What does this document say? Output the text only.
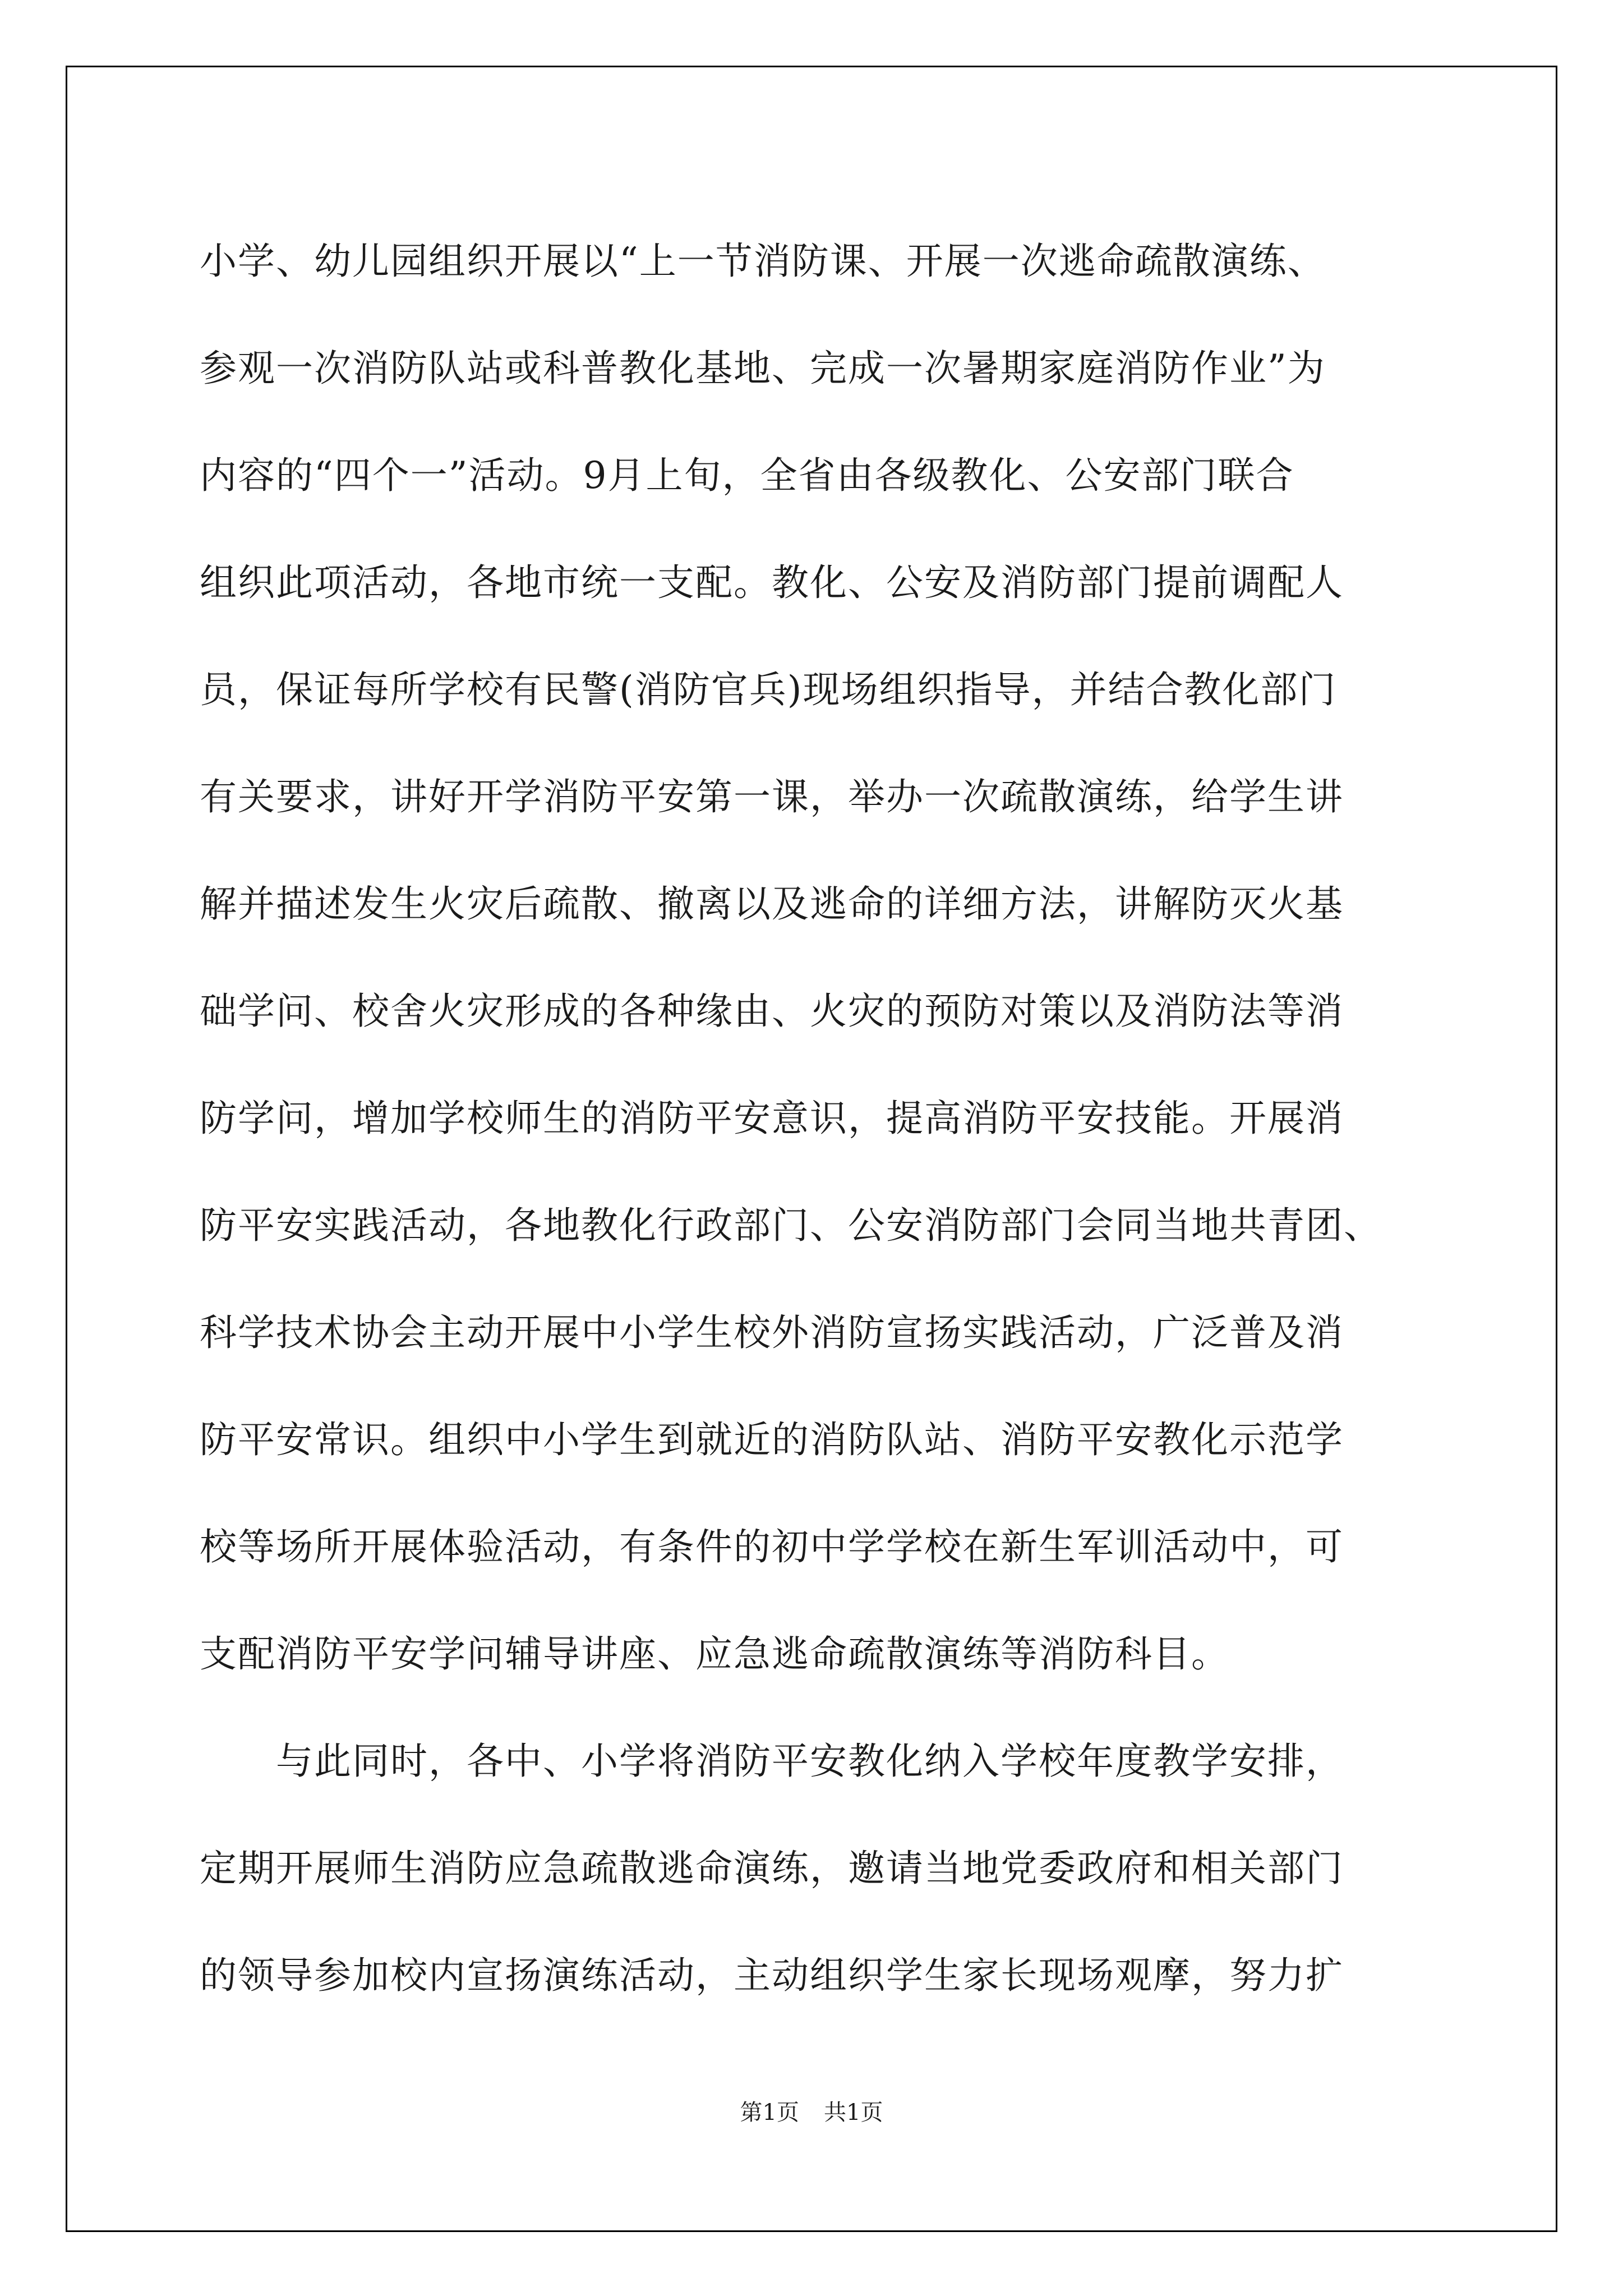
小学、幼儿园组织开展以“上一节消防课、开展一次逃命疏散演练、
参观一次消防队站或科普教化基地、完成一次暑期家庭消防作业”为
内容的“四个一”活动。9月上旬，全省由各级教化、公安部门联合
组织此项活动，各地市统一支配。教化、公安及消防部门提前调配人
员，保证每所学校有民警(消防官兵)现场组织指导，并结合教化部门
有关要求，讲好开学消防平安第一课，举办一次疏散演练，给学生讲
解并描述发生火灾后疏散、撤离以及逃命的详细方法，讲解防灭火基
础学问、校舍火灾形成的各种缘由、火灾的预防对策以及消防法等消
防学问，增加学校师生的消防平安意识，提高消防平安技能。开展消
防平安实践活动，各地教化行政部门、公安消防部门会同当地共青团、
科学技术协会主动开展中小学生校外消防宣扬实践活动，广泛普及消
防平安常识。组织中小学生到就近的消防队站、消防平安教化示范学
校等场所开展体验活动，有条件的初中学学校在新生军训活动中，可
支配消防平安学问辅导讲座、应急逃命疏散演练等消防科目。
与此同时，各中、小学将消防平安教化纳入学校年度教学安排，
定期开展师生消防应急疏散逃命演练，邀请当地党委政府和相关部门
的领导参加校内宣扬演练活动，主动组织学生家长现场观摩，努力扩
第1页 共1页
